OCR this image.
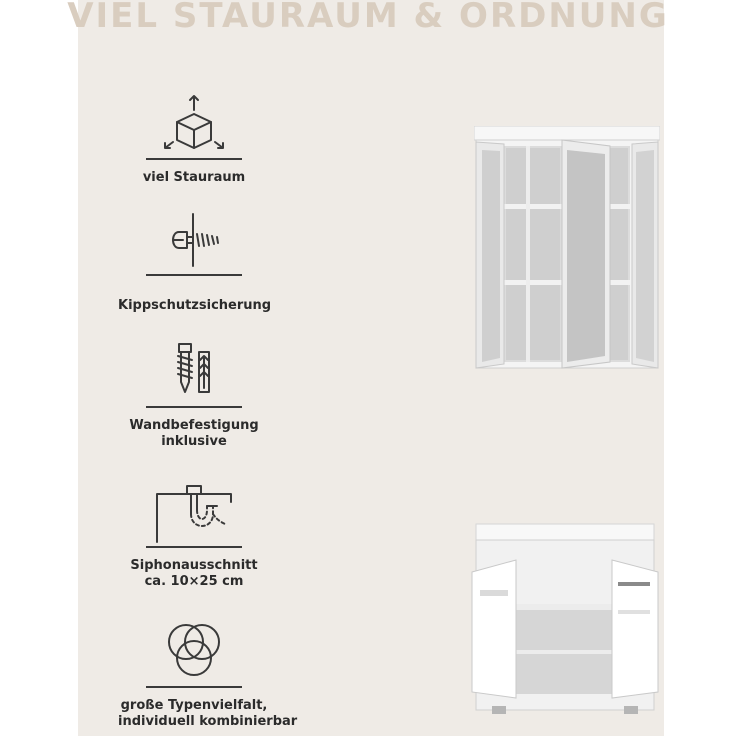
VIEL STAURAUM & ORDNUNG
viel Stauraum
Kippschutzsicherung
Wandbefestigung
inklusive
Siphonausschnitt
ca. 10×25 cm
große Typenvielfalt,
individuell kombinierbar
